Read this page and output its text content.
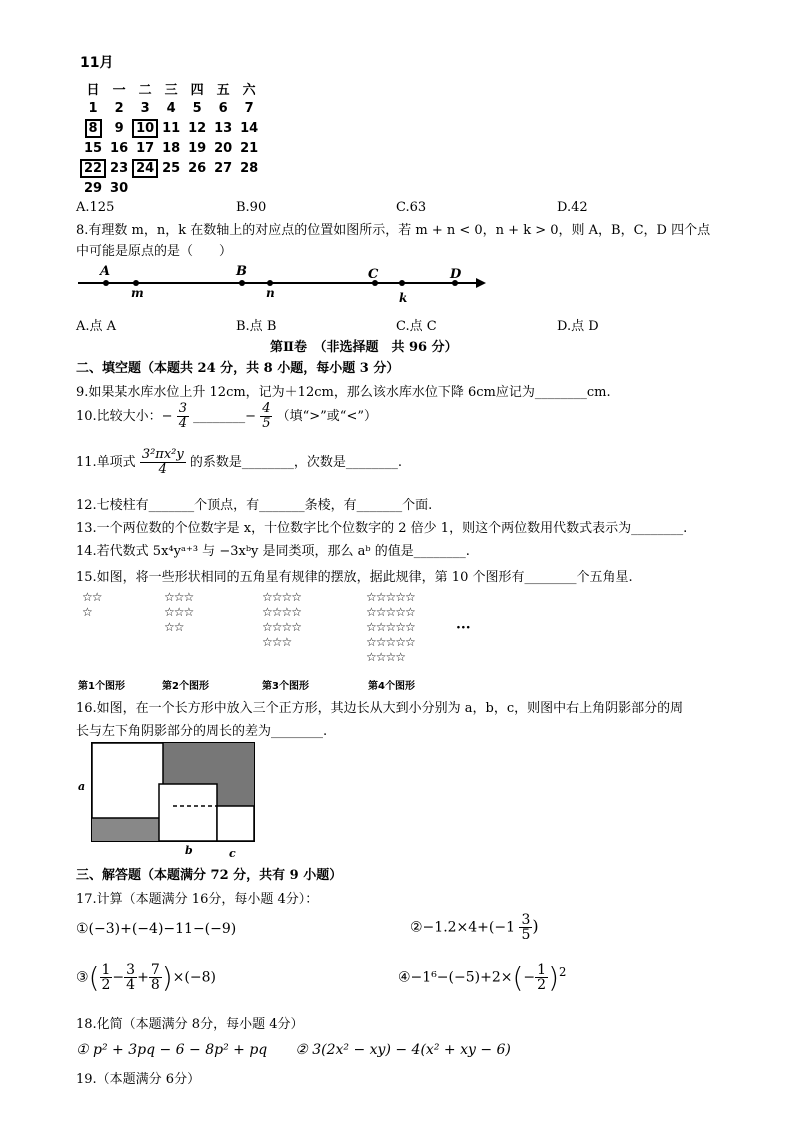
11月
日	一	二	三	四	五	六
1	2	3	4	5	6	7
8	9	10	11	12	13	14
15	16	17	18	19	20	21
22	23	24	25	26	27	28
29	30					
A.125	B.90	C.63	D.42
8.有理数 m，n，k 在数轴上的对应点的位置如图所示，若 m + n < 0，n + k > 0，则 A，B，C，D 四个点
中可能是原点的是（　　）
A	B	C	D
m	n	k
A.点 A	B.点 B	C.点 C	D.点 D
第Ⅱ卷　（非选择题　共 96 分）
二、填空题（本题共 24 分，共 8 小题，每小题 3 分）
9.如果某水库水位上升 12cm，记为＋12cm，那么该水库水位下降 6cm应记为________cm.
10.比较大小：− $\frac{3}{4}$ ________− $\frac{4}{5}$ （填“>”或“<”）
11.单项式 $\frac{\text{3²πx²y}}{4}$ 的系数是________，次数是________.
12.七棱柱有_______个顶点，有_______条棱，有_______个面.
13.一个两位数的个位数字是 x，十位数字比个位数字的 2 倍少 1，则这个两位数用代数式表示为________.
14.若代数式 5x⁴yᵃ⁺³ 与 −3xᵇy 是同类项，那么 aᵇ 的值是________.
15.如图，将一些形状相同的五角星有规律的摆放，据此规律，第 10 个图形有________个五角星.
☆☆
☆
☆☆☆
☆☆☆
☆☆
☆☆☆☆
☆☆☆☆
☆☆☆☆
☆☆☆
☆☆☆☆☆
☆☆☆☆☆
☆☆☆☆☆
☆☆☆☆☆
☆☆☆☆
···
第1个图形	第2个图形	第3个图形	第4个图形
16.如图，在一个长方形中放入三个正方形，其边长从大到小分别为 a，b，c，则图中右上角阴影部分的周
长与左下角阴影部分的周长的差为________.
a
b	c
三、解答题（本题满分 72 分，共有 9 小题）
17.计算（本题满分 16分，每小题 4分）：
①(−3)+(−4)−11−(−9)	②−1.2×4+(−1 $\frac{3}{5}$ )
③( $\frac{1}{2} - \frac{3}{4} + \frac{7}{8} )\times(-8)$	④−1⁶−(−5)+2×(− $\frac{1}{2} )^2$
18.化简（本题满分 8分，每小题 4分）
① p² + 3pq − 6 − 8p² + pq　　② 3(2x² − xy) − 4(x² + xy − 6)
19.（本题满分 6分）
